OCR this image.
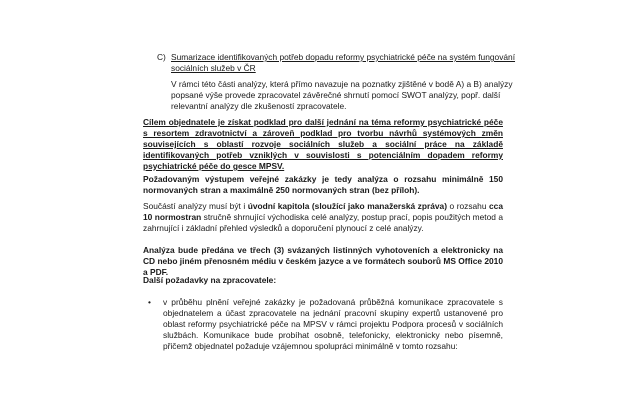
C) Sumarizace identifikovaných potřeb dopadu reformy psychiatrické péče na systém fungování sociálních služeb v ČR
V rámci této části analýzy, která přímo navazuje na poznatky zjištěné v bodě A) a B) analýzy popsané výše provede zpracovatel závěrečné shrnutí pomocí SWOT analýzy, popř. další relevantní analýzy dle zkušeností zpracovatele.
Cílem objednatele je získat podklad pro další jednání na téma reformy psychiatrické péče s resortem zdravotnictví a zároveň podklad pro tvorbu návrhů systémových změn souvisejících s oblastí rozvoje sociálních služeb a sociální práce na základě identifikovaných potřeb vzniklých v souvislosti s potenciálním dopadem reformy psychiatrické péče do gesce MPSV.
Požadovaným výstupem veřejné zakázky je tedy analýza o rozsahu minimálně 150 normovaných stran a maximálně 250 normovaných stran (bez příloh).
Součástí analýzy musí být i úvodní kapitola (sloužící jako manažerská zpráva) o rozsahu cca 10 normostran stručně shrnující východiska celé analýzy, postup prací, popis použitých metod a zahrnující i základní přehled výsledků a doporučení plynoucí z celé analýzy.
Analýza bude předána ve třech (3) svázaných listinných vyhotoveních a elektronicky na CD nebo jiném přenosném médiu v českém jazyce a ve formátech souborů MS Office 2010 a PDF.
Další požadavky na zpracovatele:
• v průběhu plnění veřejné zakázky je požadovaná průběžná komunikace zpracovatele s objednatelem a účast zpracovatele na jednání pracovní skupiny expertů ustanovené pro oblast reformy psychiatrické péče na MPSV v rámci projektu Podpora procesů v sociálních službách. Komunikace bude probíhat osobně, telefonicky, elektronicky nebo písemně, přičemž objednatel požaduje vzájemnou spolupráci minimálně v tomto rozsahu:
